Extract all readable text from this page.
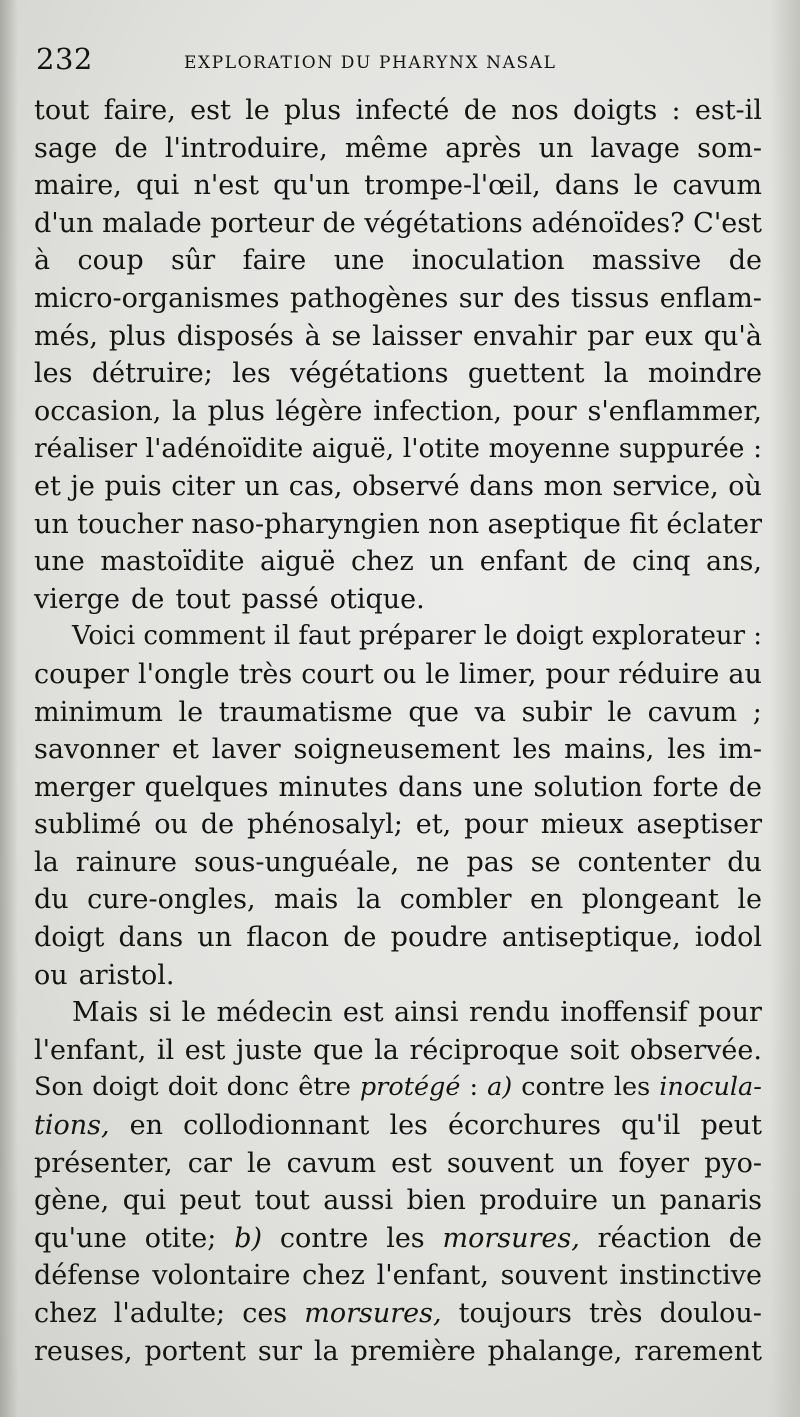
232	EXPLORATION DU PHARYNX NASAL
tout faire, est le plus infecté de nos doigts : est-il
sage de l'introduire, même après un lavage som-
maire, qui n'est qu'un trompe-l'œil, dans le cavum
d'un malade porteur de végétations adénoïdes? C'est
à coup sûr faire une inoculation massive de
micro-organismes pathogènes sur des tissus enflam-
més, plus disposés à se laisser envahir par eux qu'à
les détruire; les végétations guettent la moindre
occasion, la plus légère infection, pour s'enflammer,
réaliser l'adénoïdite aiguë, l'otite moyenne suppurée :
et je puis citer un cas, observé dans mon service, où
un toucher naso-pharyngien non aseptique fit éclater
une mastoïdite aiguë chez un enfant de cinq ans,
vierge de tout passé otique.
Voici comment il faut préparer le doigt explorateur :
couper l'ongle très court ou le limer, pour réduire au
minimum le traumatisme que va subir le cavum ;
savonner et laver soigneusement les mains, les im-
merger quelques minutes dans une solution forte de
sublimé ou de phénosalyl; et, pour mieux aseptiser
la rainure sous-unguéale, ne pas se contenter du
du cure-ongles, mais la combler en plongeant le
doigt dans un flacon de poudre antiseptique, iodol
ou aristol.
Mais si le médecin est ainsi rendu inoffensif pour
l'enfant, il est juste que la réciproque soit observée.
Son doigt doit donc être protégé : a) contre les inocula-
tions, en collodionnant les écorchures qu'il peut
présenter, car le cavum est souvent un foyer pyo-
gène, qui peut tout aussi bien produire un panaris
qu'une otite; b) contre les morsures, réaction de
défense volontaire chez l'enfant, souvent instinctive
chez l'adulte; ces morsures, toujours très doulou-
reuses, portent sur la première phalange, rarement
